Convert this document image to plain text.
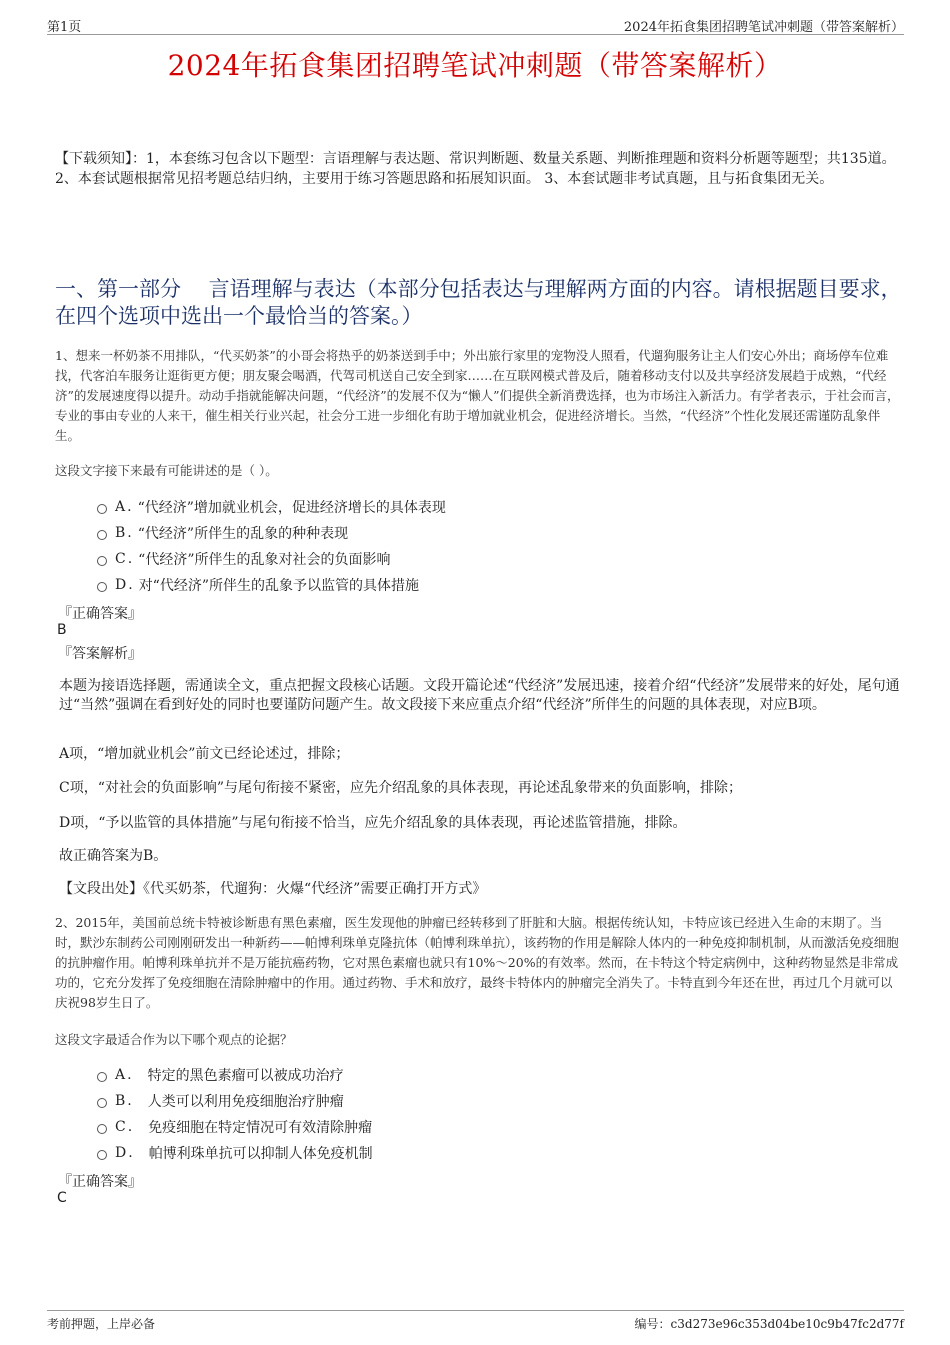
第1页	2024年拓食集团招聘笔试冲刺题（带答案解析）
2024年拓食集团招聘笔试冲刺题（带答案解析）
【下载须知】：1，本套练习包含以下题型：言语理解与表达题、常识判断题、数量关系题、判断推理题和资料分析题等题型；共135道。 2、本套试题根据常见招考题总结归纳，主要用于练习答题思路和拓展知识面。 3、本套试题非考试真题，且与拓食集团无关。
一、第一部分　 言语理解与表达（本部分包括表达与理解两方面的内容。请根据题目要求，在四个选项中选出一个最恰当的答案。）
1、想来一杯奶茶不用排队，“代买奶茶”的小哥会将热乎的奶茶送到手中；外出旅行家里的宠物没人照看，代遛狗服务让主人们安心外出；商场停车位难找，代客泊车服务让逛街更方便；朋友聚会喝酒，代驾司机送自己安全到家……在互联网模式普及后，随着移动支付以及共享经济发展趋于成熟，“代经济”的发展速度得以提升。动动手指就能解决问题，“代经济”的发展不仅为“懒人”们提供全新消费选择，也为市场注入新活力。有学者表示，于社会而言，专业的事由专业的人来干，催生相关行业兴起，社会分工进一步细化有助于增加就业机会，促进经济增长。当然，“代经济”个性化发展还需谨防乱象伴生。
这段文字接下来最有可能讲述的是（ ）。
A . “代经济”增加就业机会，促进经济增长的具体表现
B . “代经济”所伴生的乱象的种种表现
C . “代经济”所伴生的乱象对社会的负面影响
D . 对“代经济”所伴生的乱象予以监管的具体措施
『正确答案』
B
『答案解析』
本题为接语选择题，需通读全文，重点把握文段核心话题。文段开篇论述“代经济”发展迅速，接着介绍“代经济”发展带来的好处，尾句通过“当然”强调在看到好处的同时也要谨防问题产生。故文段接下来应重点介绍“代经济”所伴生的问题的具体表现，对应B项。
A项，“增加就业机会”前文已经论述过，排除；
C项，“对社会的负面影响”与尾句衔接不紧密，应先介绍乱象的具体表现，再论述乱象带来的负面影响，排除；
D项，“予以监管的具体措施”与尾句衔接不恰当，应先介绍乱象的具体表现，再论述监管措施，排除。
故正确答案为B。
【文段出处】《代买奶茶，代遛狗：火爆“代经济”需要正确打开方式》
2、2015年，美国前总统卡特被诊断患有黑色素瘤，医生发现他的肿瘤已经转移到了肝脏和大脑。根据传统认知，卡特应该已经进入生命的末期了。当时，默沙东制药公司刚刚研发出一种新药——帕博利珠单克隆抗体（帕博利珠单抗），该药物的作用是解除人体内的一种免疫抑制机制，从而激活免疫细胞的抗肿瘤作用。帕博利珠单抗并不是万能抗癌药物，它对黑色素瘤也就只有10%～20%的有效率。然而，在卡特这个特定病例中，这种药物显然是非常成功的，它充分发挥了免疫细胞在清除肿瘤中的作用。通过药物、手术和放疗，最终卡特体内的肿瘤完全消失了。卡特直到今年还在世，再过几个月就可以庆祝98岁生日了。
这段文字最适合作为以下哪个观点的论据？
A . 特定的黑色素瘤可以被成功治疗
B . 人类可以利用免疫细胞治疗肿瘤
C . 免疫细胞在特定情况可有效清除肿瘤
D . 帕博利珠单抗可以抑制人体免疫机制
『正确答案』
C
考前押题，上岸必备	编号：c3d273e96c353d04be10c9b47fc2d77f
